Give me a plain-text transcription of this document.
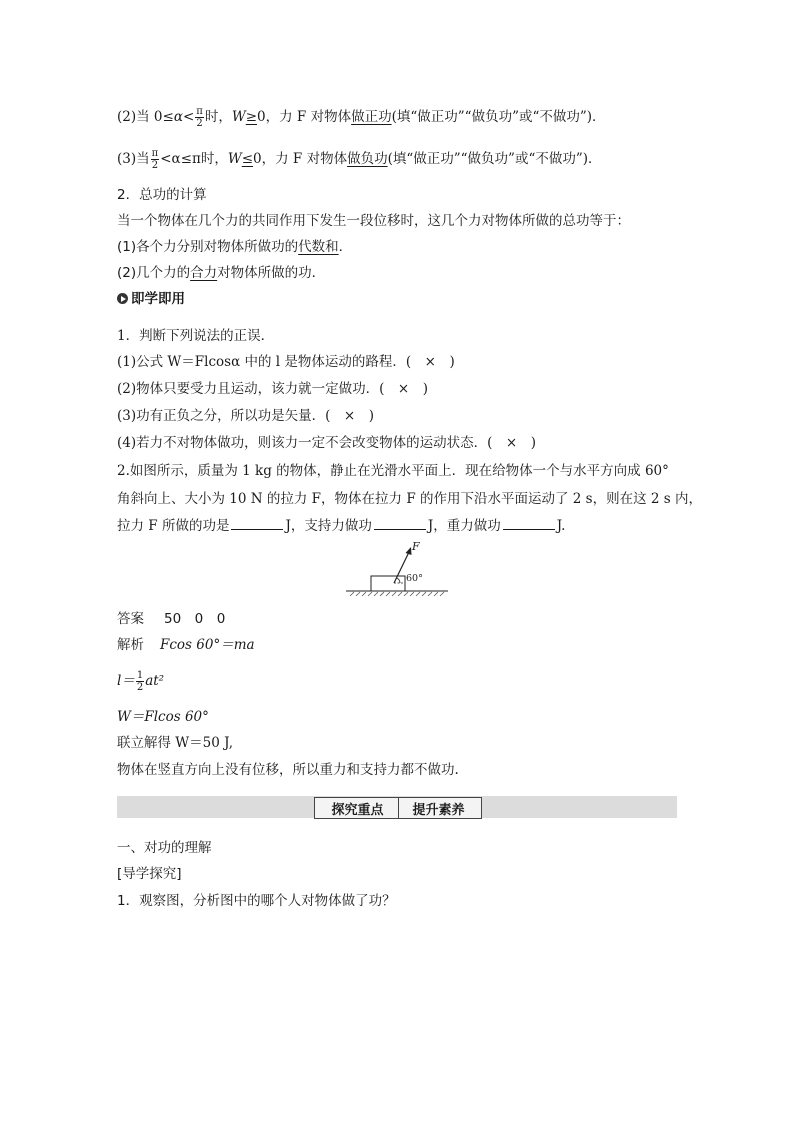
(2)当 $0\le\alpha< \frac{\pi}{2}$ 时，W≥0，力 F 对物体做正功(填“做正功”“做负功”或“不做功”)．
(3)当 $\frac{\pi}{2} <\alpha\le\pi$时，W≤0，力 F 对物体做负功(填“做正功”“做负功”或“不做功”)．
2．总功的计算
当一个物体在几个力的共同作用下发生一段位移时，这几个力对物体所做的总功等于：
(1)各个力分别对物体所做功的代数和．
(2)几个力的合力对物体所做的功．
即学即用
1．判断下列说法的正误．
(1)公式 W＝Flcosα 中的 l 是物体运动的路程．(　×　)
(2)物体只要受力且运动，该力就一定做功．(　×　)
(3)功有正负之分，所以功是矢量．(　×　)
(4)若力不对物体做功，则该力一定不会改变物体的运动状态．(　×　)
2.如图所示，质量为 1 kg 的物体，静止在光滑水平面上．现在给物体一个与水平方向成 60°
角斜向上、大小为 10 N 的拉力 F，物体在拉力 F 的作用下沿水平面运动了 2 s，则在这 2 s 内，
拉力 F 所做的功是	J，支持力做功	J，重力做功	J.
F
60°
答案 50　0　0
解析 Fcos 60°＝ma
$l= \frac{1}{2} at^2$
W＝Flcos 60°
联立解得 W＝50 J,
物体在竖直方向上没有位移，所以重力和支持力都不做功.
探究重点 提升素养
一、对功的理解
[导学探究]
1．观察图，分析图中的哪个人对物体做了功？
